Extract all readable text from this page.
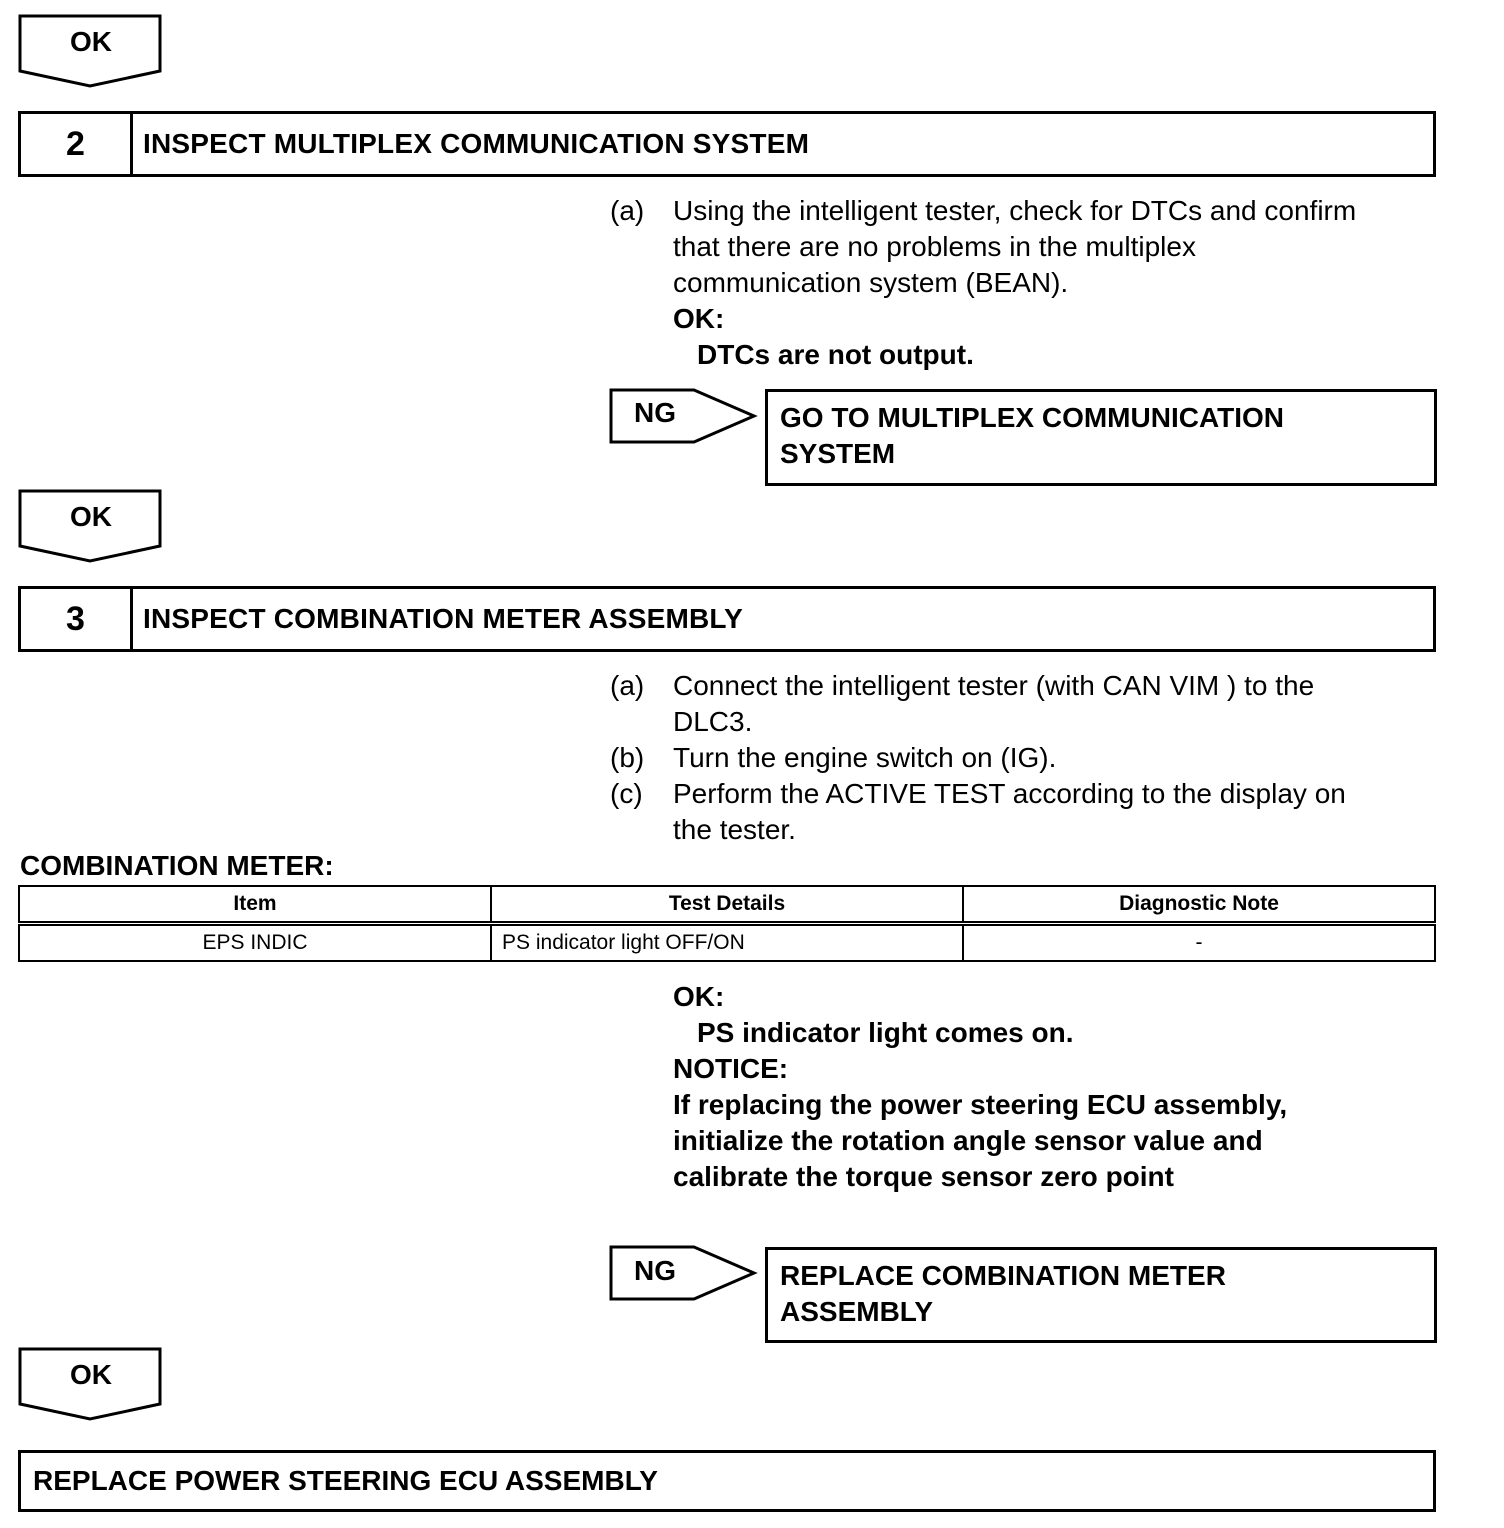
OK
2	INSPECT MULTIPLEX COMMUNICATION SYSTEM
(a) Using the intelligent tester, check for DTCs and confirm
that there are no problems in the multiplex
communication system (BEAN).
OK:
DTCs are not output.
NG	GO TO MULTIPLEX COMMUNICATION
SYSTEM
OK
3	INSPECT COMBINATION METER ASSEMBLY
(a) Connect the intelligent tester (with CAN VIM ) to the
DLC3.
(b) Turn the engine switch on (IG).
(c) Perform the ACTIVE TEST according to the display on
the tester.
COMBINATION METER:
Item	Test Details	Diagnostic Note
EPS INDIC	PS indicator light OFF/ON	-
OK:
PS indicator light comes on.
NOTICE:
If replacing the power steering ECU assembly,
initialize the rotation angle sensor value and
calibrate the torque sensor zero point
NG	REPLACE COMBINATION METER
ASSEMBLY
OK
REPLACE POWER STEERING ECU ASSEMBLY
